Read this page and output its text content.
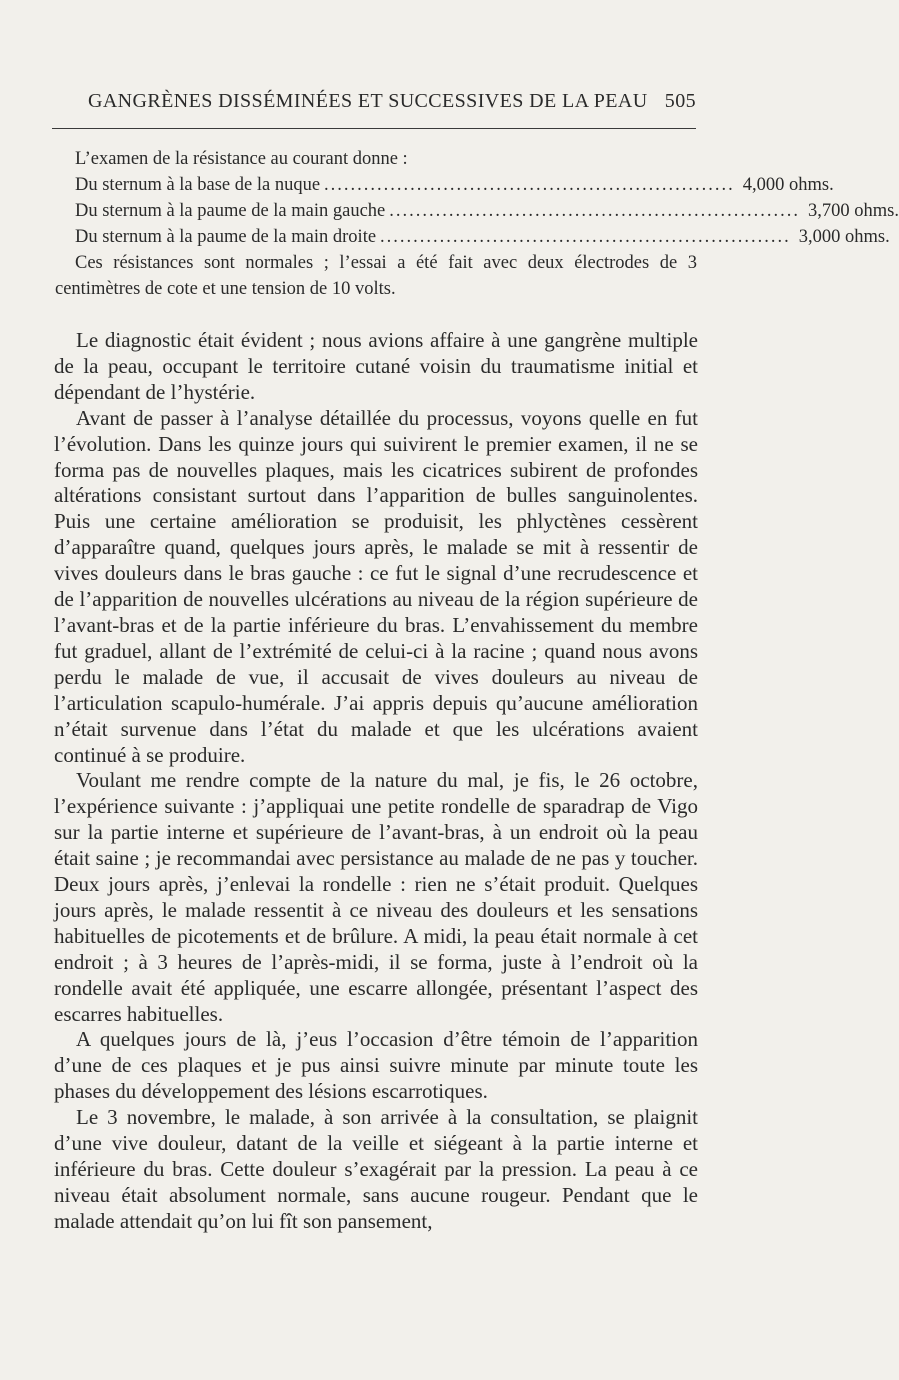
GANGRÈNES DISSÉMINÉES ET SUCCESSIVES DE LA PEAU 505

L’examen de la résistance au courant donne :

Du sternum à la base de la nuque .............................................................. 4,000 ohms.
Du sternum à la paume de la main gauche .............................................................. 3,700 ohms.
Du sternum à la paume de la main droite .............................................................. 3,000 ohms.

Ces résistances sont normales ; l’essai a été fait avec deux électrodes de 3 centimètres de cote et une tension de 10 volts.

Le diagnostic était évident ; nous avions affaire à une gangrène multiple de la peau, occupant le territoire cutané voisin du traumatisme initial et dépendant de l’hystérie.

Avant de passer à l’analyse détaillée du processus, voyons quelle en fut l’évolution. Dans les quinze jours qui suivirent le premier examen, il ne se forma pas de nouvelles plaques, mais les cicatrices subirent de profondes altérations consistant surtout dans l’apparition de bulles sanguinolentes. Puis une certaine amélioration se produisit, les phlyctènes cessèrent d’apparaître quand, quelques jours après, le malade se mit à ressentir de vives douleurs dans le bras gauche : ce fut le signal d’une recrudescence et de l’apparition de nouvelles ulcérations au niveau de la région supérieure de l’avant-bras et de la partie inférieure du bras. L’envahissement du membre fut graduel, allant de l’extrémité de celui-ci à la racine ; quand nous avons perdu le malade de vue, il accusait de vives douleurs au niveau de l’articulation scapulo-humérale. J’ai appris depuis qu’aucune amélioration n’était survenue dans l’état du malade et que les ulcérations avaient continué à se produire.

Voulant me rendre compte de la nature du mal, je fis, le 26 octobre, l’expérience suivante : j’appliquai une petite rondelle de sparadrap de Vigo sur la partie interne et supérieure de l’avant-bras, à un endroit où la peau était saine ; je recommandai avec persistance au malade de ne pas y toucher. Deux jours après, j’enlevai la rondelle : rien ne s’était produit. Quelques jours après, le malade ressentit à ce niveau des douleurs et les sensations habituelles de picotements et de brûlure. A midi, la peau était normale à cet endroit ; à 3 heures de l’après-midi, il se forma, juste à l’endroit où la rondelle avait été appliquée, une escarre allongée, présentant l’aspect des escarres habituelles.

A quelques jours de là, j’eus l’occasion d’être témoin de l’apparition d’une de ces plaques et je pus ainsi suivre minute par minute toute les phases du développement des lésions escarrotiques.

Le 3 novembre, le malade, à son arrivée à la consultation, se plaignit d’une vive douleur, datant de la veille et siégeant à la partie interne et inférieure du bras. Cette douleur s’exagérait par la pression. La peau à ce niveau était absolument normale, sans aucune rougeur. Pendant que le malade attendait qu’on lui fît son pansement,
